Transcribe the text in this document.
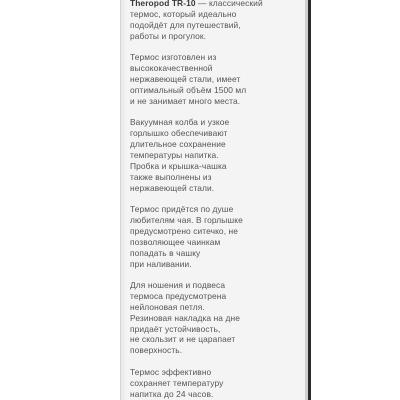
Theropod TR-10 — классический
термос, который идеально
подойдёт для путешествий,
работы и прогулок.

Термос изготовлен из
высококачественной
нержавеющей стали, имеет
оптимальный объём 1500 мл
и не занимает много места.

Вакуумная колба и узкое
горлышко обеспечивают
длительное сохранение
температуры напитка.
Пробка и крышка-чашка
также выполнены из
нержавеющей стали.

Термос придётся по душе
любителям чая. В горлышке
предусмотрено ситечко, не
позволяющее чаинкам
попадать в чашку
при наливании.

Для ношения и подвеса
термоса предусмотрена
нейлоновая петля.
Резиновая накладка на дне
придаёт устойчивость,
не скользит и не царапает
поверхность.

Термос эффективно
сохраняет температуру
напитка до 24 часов.
